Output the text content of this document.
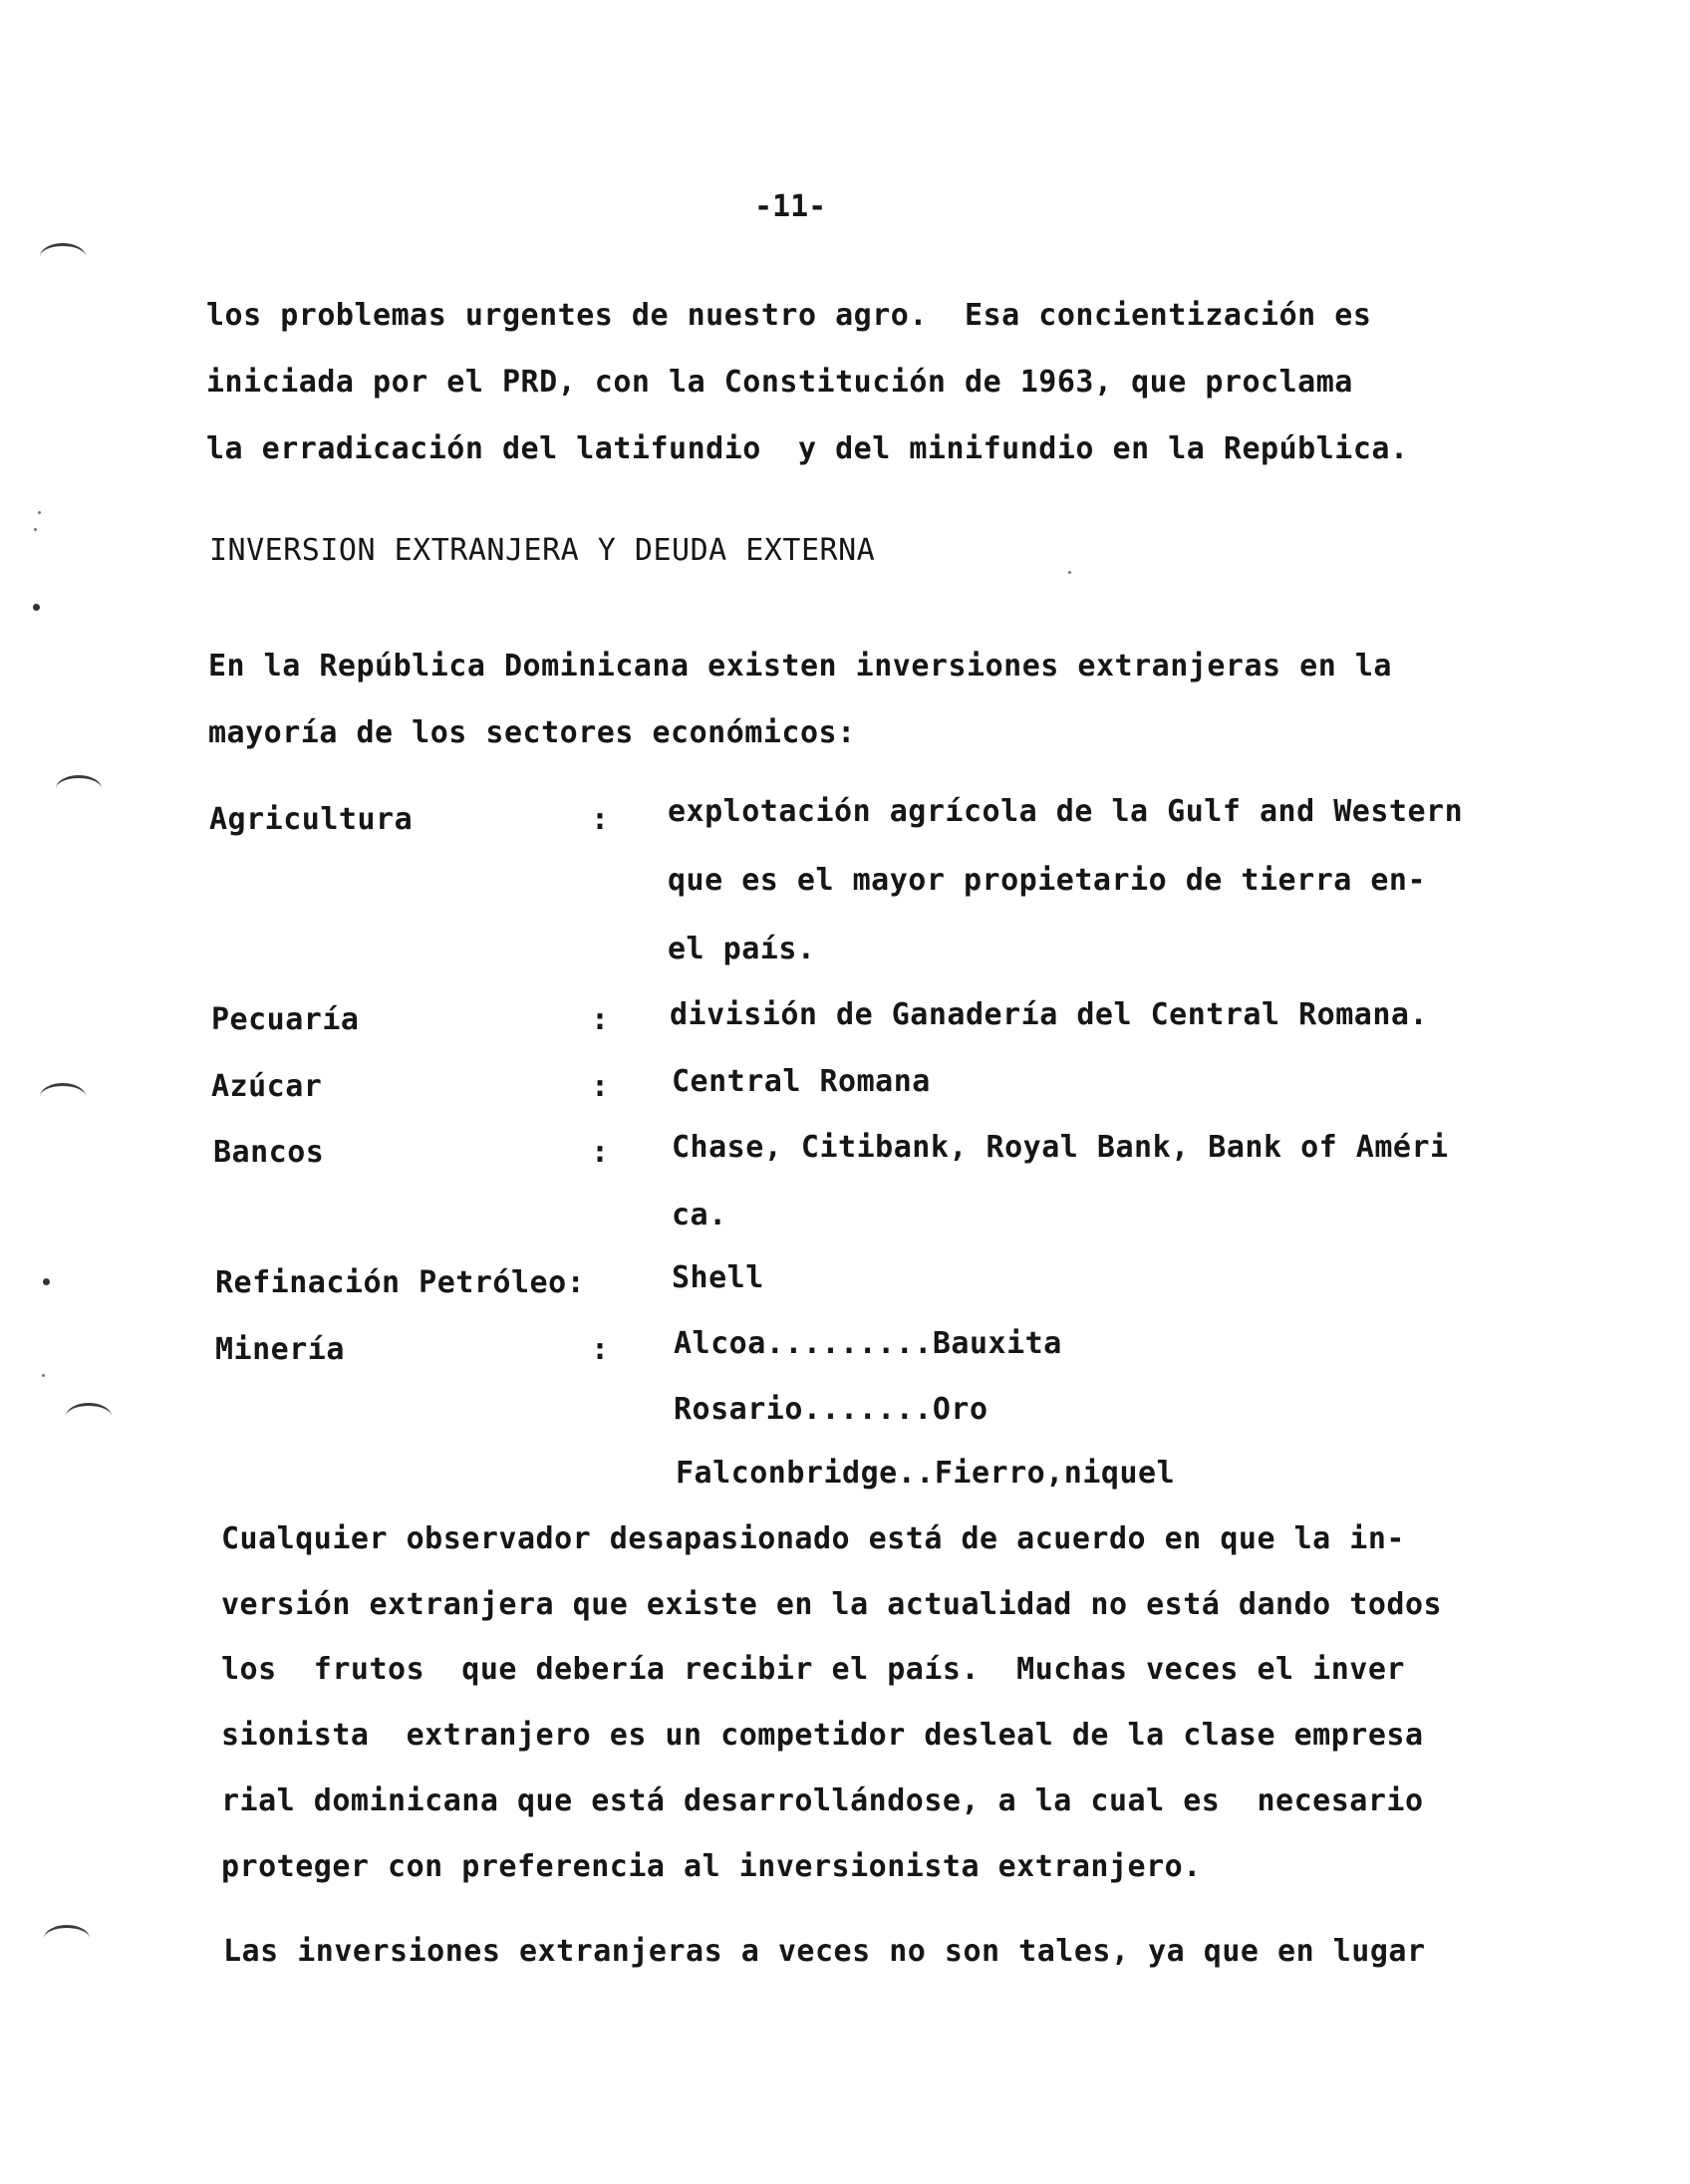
-11-
los problemas urgentes de nuestro agro.  Esa concientización es
iniciada por el PRD, con la Constitución de 1963, que proclama
la erradicación del latifundio  y del minifundio en la República.
INVERSION EXTRANJERA Y DEUDA EXTERNA
En la República Dominicana existen inversiones extranjeras en la
mayoría de los sectores económicos:
Agricultura	: explotación agrícola de la Gulf and Western
que es el mayor propietario de tierra en-
el país.
Pecuaría	: división de Ganadería del Central Romana.
Azúcar	: Central Romana
Bancos	: Chase, Citibank, Royal Bank, Bank of Améri
ca.
Refinación Petróleo:	Shell
Minería	: Alcoa.........Bauxita
Rosario.......Oro
Falconbridge..Fierro,niquel
Cualquier observador desapasionado está de acuerdo en que la in-
versión extranjera que existe en la actualidad no está dando todos
los  frutos  que debería recibir el país.  Muchas veces el inver
sionista  extranjero es un competidor desleal de la clase empresa
rial dominicana que está desarrollándose, a la cual es  necesario
proteger con preferencia al inversionista extranjero.
Las inversiones extranjeras a veces no son tales, ya que en lugar
